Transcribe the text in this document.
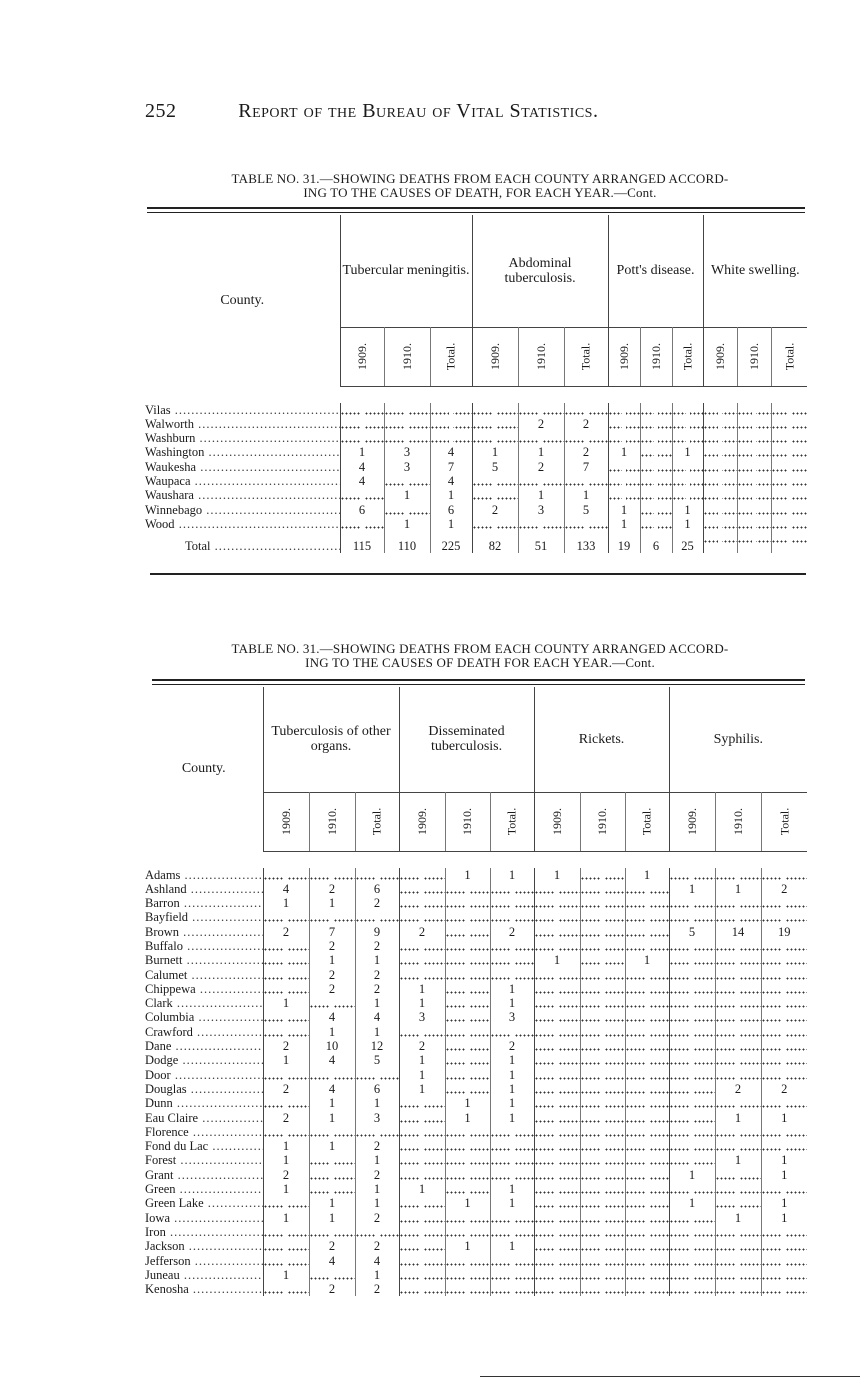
252	Report of the Bureau of Vital Statistics.
TABLE NO. 31.—SHOWING DEATHS FROM EACH COUNTY ARRANGED ACCORD-
ING TO THE CAUSES OF DEATH, FOR EACH YEAR.—Cont.
County.	Tubercular meningitis.			Abdominal tuberculosis.			Pott's disease.			White swelling.		
	1909.	1910.	Total.	1909.	1910.	Total.	1909.	1910.	Total.	1909.	1910.	Total.

Vilas .....												
Walworth .....					2	2						
Washburn .....												
Washington .....	1	3	4	1	1	2	1		1			
Waukesha .....	4	3	7	5	2	7						
Waupaca .....	4		4									
Waushara .....		1	1		1	1						
Winnebago .....	6		6	2	3	5	1		1			
Wood .....		1	1				1		1			
Total .....	115	110	225	82	51	133	19	6	25			
TABLE NO. 31.—SHOWING DEATHS FROM EACH COUNTY ARRANGED ACCORD-
ING TO THE CAUSES OF DEATH FOR EACH YEAR.—Cont.
County.	Tuberculosis of other organs.			Disseminated tuberculosis.			Rickets.			Syphilis.		
	1909.	1910.	Total.	1909.	1910.	Total.	1909.	1910.	Total.	1909.	1910.	Total.

Adams .....					1	1	1		1			
Ashland .....	4	2	6							1	1	2
Barron .....	1	1	2									
Bayfield .....												
Brown .....	2	7	9	2		2				5	14	19
Buffalo .....		2	2									
Burnett .....		1	1				1		1			
Calumet .....		2	2									
Chippewa .....		2	2	1		1						
Clark .....	1		1	1		1						
Columbia .....		4	4	3		3						
Crawford .....		1	1									
Dane .....	2	10	12	2		2						
Dodge .....	1	4	5	1		1						
Door .....				1		1						
Douglas .....	2	4	6	1		1					2	2
Dunn .....		1	1		1	1						
Eau Claire .....	2	1	3		1	1					1	1
Florence .....												
Fond du Lac .....	1	1	2									
Forest .....	1		1								1	1
Grant .....	2		2							1		1
Green .....	1		1	1		1						
Green Lake .....		1	1		1	1				1		1
Iowa .....	1	1	2								1	1
Iron .....												
Jackson .....		2	2		1	1						
Jefferson .....		4	4									
Juneau .....	1		1									
Kenosha .....		2	2									
